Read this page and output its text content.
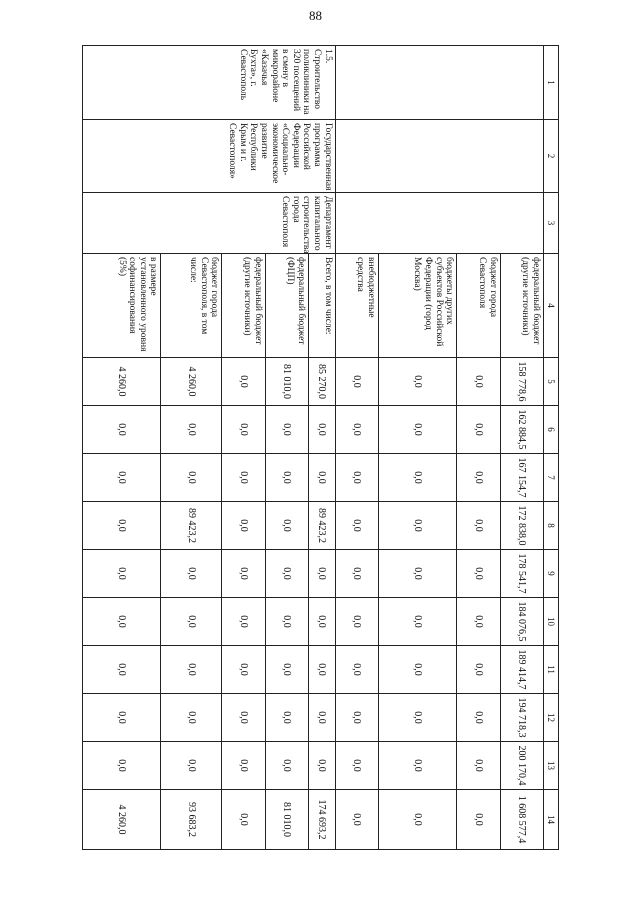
88
1	2	3	4	5	6	7	8	9	10	11	12	13	14
			федеральный бюджет (другие источники)	158 778,6	162 884,5	167 154,7	172 838,0	178 541,7	184 076,5	189 414,7	194 718,3	200 170,4	1 608 577,4
			бюджет города Севастополя	0,0	0,0	0,0	0,0	0,0	0,0	0,0	0,0	0,0	0,0
			бюджеты других субъектов Российской Федерации (город Москва)	0,0	0,0	0,0	0,0	0,0	0,0	0,0	0,0	0,0	0,0
			внебюджетные средства	0,0	0,0	0,0	0,0	0,0	0,0	0,0	0,0	0,0	0,0
1.5. Строительство поликлиники на 320 посещений в смену в микрорайоне «Казачья Бухта», г. Севастополь	Государственная программа Российской Федерации «Социально-экономическое развитие Республики Крым и г. Севастополя»	Департамент капитального строительства города Севастополя	Всего, в том числе:	85 270,0	0,0	0,0	89 423,2	0,0	0,0	0,0	0,0	0,0	174 693,2
			федеральный бюджет (ФЦП)	81 010,0	0,0	0,0	0,0	0,0	0,0	0,0	0,0	0,0	81 010,0
			федеральный бюджет (другие источники)	0,0	0,0	0,0	0,0	0,0	0,0	0,0	0,0	0,0	0,0
			бюджет города Севастополя, в том числе:	4 260,0	0,0	0,0	89 423,2	0,0	0,0	0,0	0,0	0,0	93 683,2
			в размере установленного уровня софинансирования (5%)	4 260,0	0,0	0,0	0,0	0,0	0,0	0,0	0,0	0,0	4 260,0
